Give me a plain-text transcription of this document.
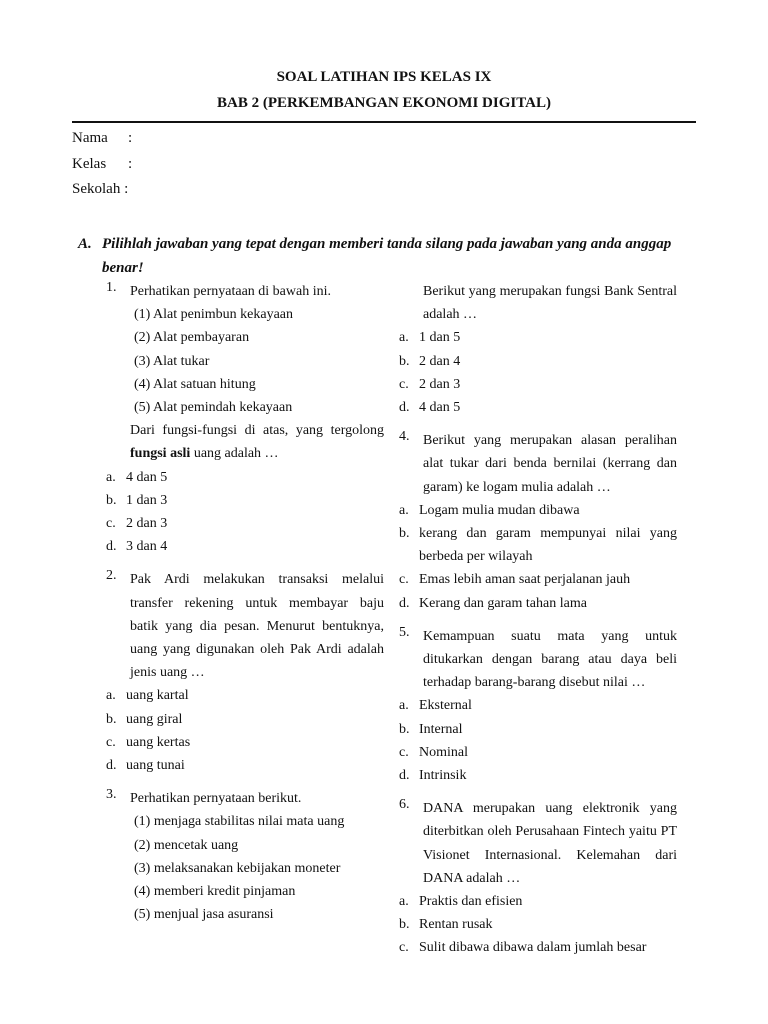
SOAL LATIHAN IPS KELAS IX
BAB 2 (PERKEMBANGAN EKONOMI DIGITAL)
Nama :
Kelas :
Sekolah :
A. Pilihlah jawaban yang tepat dengan memberi tanda silang pada jawaban yang anda anggap
benar!
1. Perhatikan pernyataan di bawah ini.
(1) Alat penimbun kekayaan
(2) Alat pembayaran
(3) Alat tukar
(4) Alat satuan hitung
(5) Alat pemindah kekayaan
Dari fungsi-fungsi di atas, yang tergolong
fungsi asli uang adalah …
a. 4 dan 5
b. 1 dan 3
c. 2 dan 3
d. 3 dan 4
2. Pak Ardi melakukan transaksi melalui
transfer rekening untuk membayar baju
batik yang dia pesan. Menurut bentuknya,
uang yang digunakan oleh Pak Ardi adalah
jenis uang …
a. uang kartal
b. uang giral
c. uang kertas
d. uang tunai
3. Perhatikan pernyataan berikut.
(1) menjaga stabilitas nilai mata uang
(2) mencetak uang
(3) melaksanakan kebijakan moneter
(4) memberi kredit pinjaman
(5) menjual jasa asuransi
Berikut yang merupakan fungsi Bank Sentral
adalah …
a. 1 dan 5
b. 2 dan 4
c. 2 dan 3
d. 4 dan 5
4. Berikut yang merupakan alasan peralihan
alat tukar dari benda bernilai (kerrang dan
garam) ke logam mulia adalah …
a. Logam mulia mudan dibawa
b. kerang dan garam mempunyai nilai yang
berbeda per wilayah
c. Emas lebih aman saat perjalanan jauh
d. Kerang dan garam tahan lama
5. Kemampuan suatu mata yang untuk
ditukarkan dengan barang atau daya beli
terhadap barang-barang disebut nilai …
a. Eksternal
b. Internal
c. Nominal
d. Intrinsik
6. DANA merupakan uang elektronik yang
diterbitkan oleh Perusahaan Fintech yaitu PT
Visionet Internasional. Kelemahan dari
DANA adalah …
a. Praktis dan efisien
b. Rentan rusak
c. Sulit dibawa dibawa dalam jumlah besar
